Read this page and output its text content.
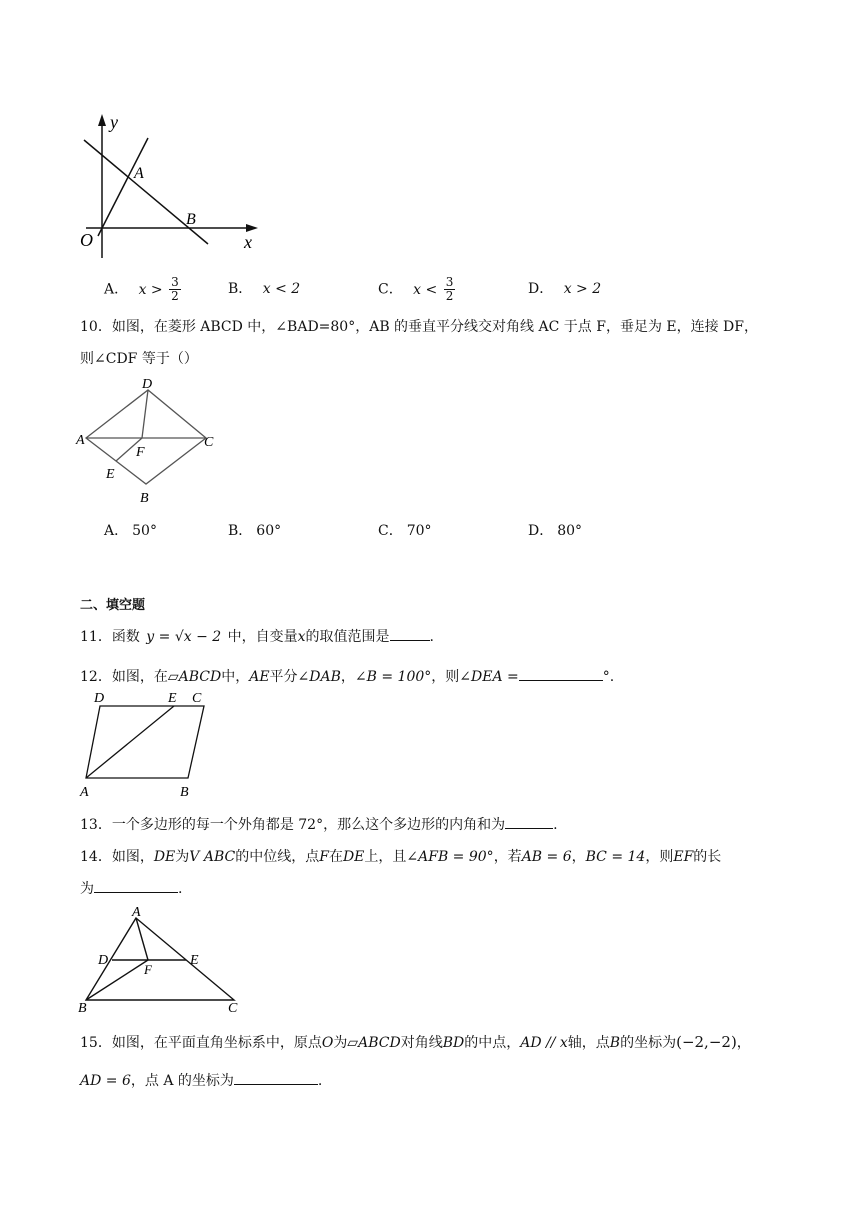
y
A
B
O	x
A． $x > \frac{3}{2}$	B． x < 2	C． $x < \frac{3}{2}$	D． x > 2
10．如图，在菱形 ABCD 中，∠BAD=80°，AB 的垂直平分线交对角线 AC 于点 F，垂足为 E，连接 DF，
则∠CDF 等于（）
D
A
F
C
E
B
A． 50°	B． 60°	C． 70°	D． 80°
二、填空题
11．函数 y = √x − 2 中，自变量x的取值范围是	.
12．如图，在▱ABCD中，AE平分∠DAB，∠B = 100°，则∠DEA =	°.
D	E C
A	B
13．一个多边形的每一个外角都是 72°，那么这个多边形的内角和为	.
14．如图，DE为V ABC的中位线，点F在DE上，且∠AFB = 90°，若AB = 6，BC = 14，则EF的长
为	.
A
D	E
F
B	C
15．如图，在平面直角坐标系中，原点O为▱ABCD对角线BD的中点，AD // x轴，点B的坐标为(−2,−2)，
AD = 6，点 A 的坐标为	.
